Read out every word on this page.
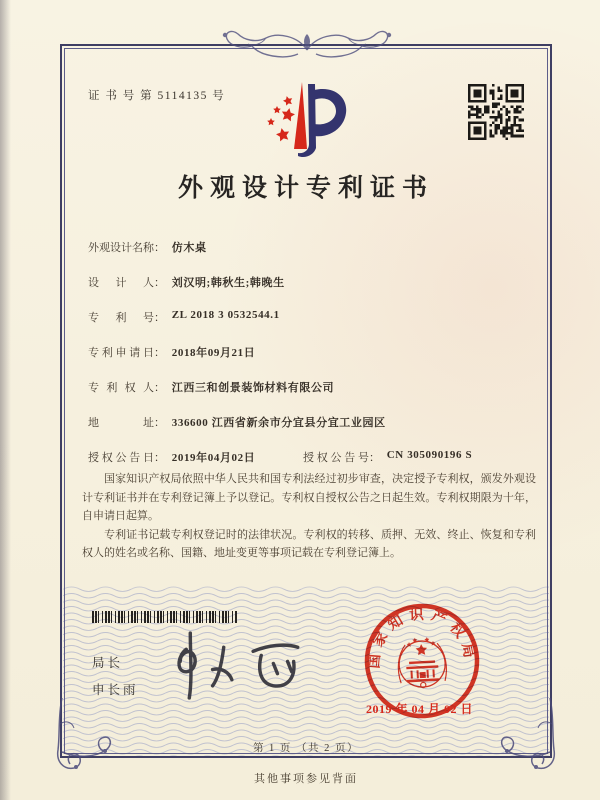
证 书 号 第 5114135 号
外观设计专利证书
外观设计名称： 仿木桌
设计人： 刘汉明;韩秋生;韩晚生
专利号： ZL 2018 3 0532544.1
专利申请日： 2018年09月21日
专利权人： 江西三和创景装饰材料有限公司
地址： 336600 江西省新余市分宜县分宜工业园区
授权公告日： 2019年04月02日	授权公告号： CN 305090196 S

国家知识产权局依照中华人民共和国专利法经过初步审查，决定授予专利权，颁发外观设计专利证书并在专利登记簿上予以登记。专利权自授权公告之日起生效。专利权期限为十年，自申请日起算。

专利证书记载专利权登记时的法律状况。专利权的转移、质押、无效、终止、恢复和专利权人的姓名或名称、国籍、地址变更等事项记载在专利登记簿上。

局长
申长雨
国家知识产权局
2019 年 04 月 02 日
第 1 页 （共 2 页）
其他事项参见背面
